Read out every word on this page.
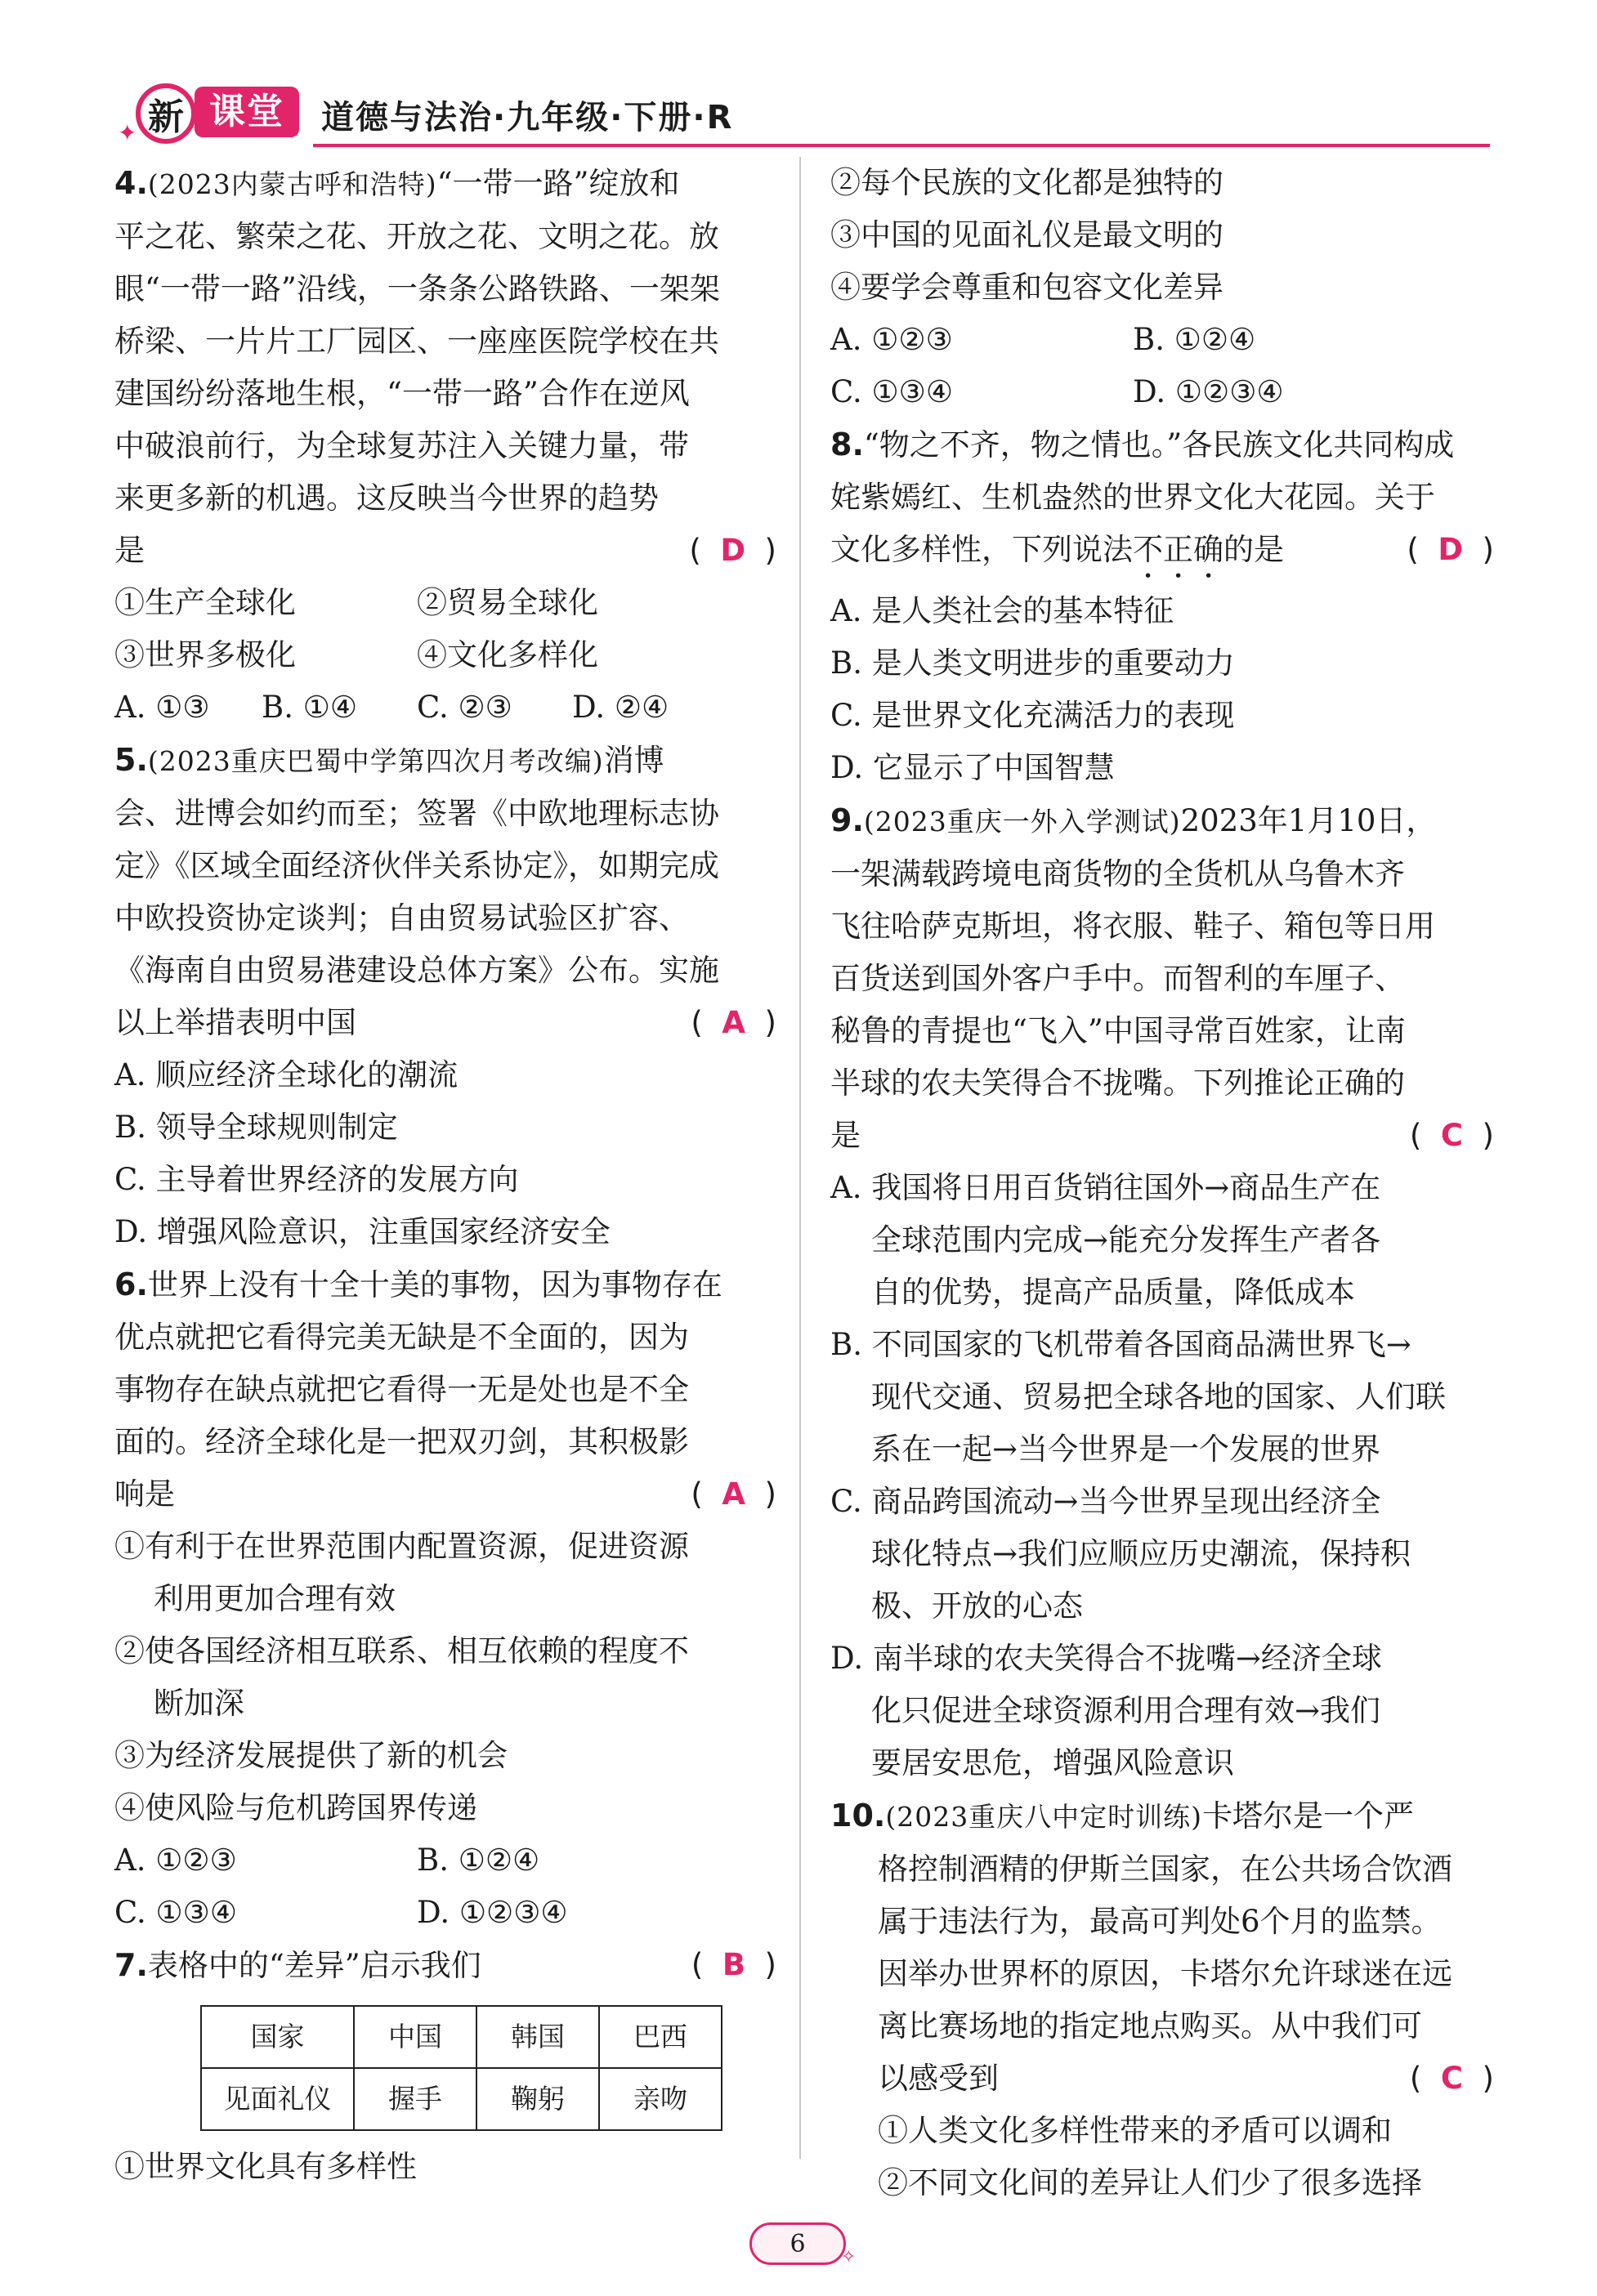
✦ 新 课堂	道德与法治·九年级·下册·R
4.(2023内蒙古呼和浩特)“一带一路”绽放和
平之花、繁荣之花、开放之花、文明之花。放
眼“一带一路”沿线，一条条公路铁路、一架架
桥梁、一片片工厂园区、一座座医院学校在共
建国纷纷落地生根，“一带一路”合作在逆风
中破浪前行，为全球复苏注入关键力量，带
来更多新的机遇。这反映当今世界的趋势
是	(  D  )
①生产全球化	②贸易全球化
③世界多极化	④文化多样化
A. ①③	B. ①④	C. ②③	D. ②④
5.(2023重庆巴蜀中学第四次月考改编)消博
会、进博会如约而至；签署《中欧地理标志协
定》《区域全面经济伙伴关系协定》，如期完成
中欧投资协定谈判；自由贸易试验区扩容、
《海南自由贸易港建设总体方案》公布。实施
以上举措表明中国	(  A  )
A. 顺应经济全球化的潮流
B. 领导全球规则制定
C. 主导着世界经济的发展方向
D. 增强风险意识，注重国家经济安全
6.世界上没有十全十美的事物，因为事物存在
优点就把它看得完美无缺是不全面的，因为
事物存在缺点就把它看得一无是处也是不全
面的。经济全球化是一把双刃剑，其积极影
响是	(  A  )
①有利于在世界范围内配置资源，促进资源
利用更加合理有效
②使各国经济相互联系、相互依赖的程度不
断加深
③为经济发展提供了新的机会
④使风险与危机跨国界传递
A. ①②③	B. ①②④
C. ①③④	D. ①②③④
7.表格中的“差异”启示我们	(  B  )
国家	中国	韩国	巴西
见面礼仪	握手	鞠躬	亲吻
①世界文化具有多样性
②每个民族的文化都是独特的
③中国的见面礼仪是最文明的
④要学会尊重和包容文化差异
A. ①②③	B. ①②④
C. ①③④	D. ①②③④
8.“物之不齐，物之情也。”各民族文化共同构成
姹紫嫣红、生机盎然的世界文化大花园。关于
文化多样性，下列说法不正确的是	(  D  )
A. 是人类社会的基本特征
B. 是人类文明进步的重要动力
C. 是世界文化充满活力的表现
D. 它显示了中国智慧
9.(2023重庆一外入学测试)2023年1月10日，
一架满载跨境电商货物的全货机从乌鲁木齐
飞往哈萨克斯坦，将衣服、鞋子、箱包等日用
百货送到国外客户手中。而智利的车厘子、
秘鲁的青提也“飞入”中国寻常百姓家，让南
半球的农夫笑得合不拢嘴。下列推论正确的
是	(  C  )
A. 我国将日用百货销往国外→商品生产在
全球范围内完成→能充分发挥生产者各
自的优势，提高产品质量，降低成本
B. 不同国家的飞机带着各国商品满世界飞→
现代交通、贸易把全球各地的国家、人们联
系在一起→当今世界是一个发展的世界
C. 商品跨国流动→当今世界呈现出经济全
球化特点→我们应顺应历史潮流，保持积
极、开放的心态
D. 南半球的农夫笑得合不拢嘴→经济全球
化只促进全球资源利用合理有效→我们
要居安思危，增强风险意识
10.(2023重庆八中定时训练)卡塔尔是一个严
格控制酒精的伊斯兰国家，在公共场合饮酒
属于违法行为，最高可判处6个月的监禁。
因举办世界杯的原因，卡塔尔允许球迷在远
离比赛场地的指定地点购买。从中我们可
以感受到	(  C  )
①人类文化多样性带来的矛盾可以调和
②不同文化间的差异让人们少了很多选择
6	✧
